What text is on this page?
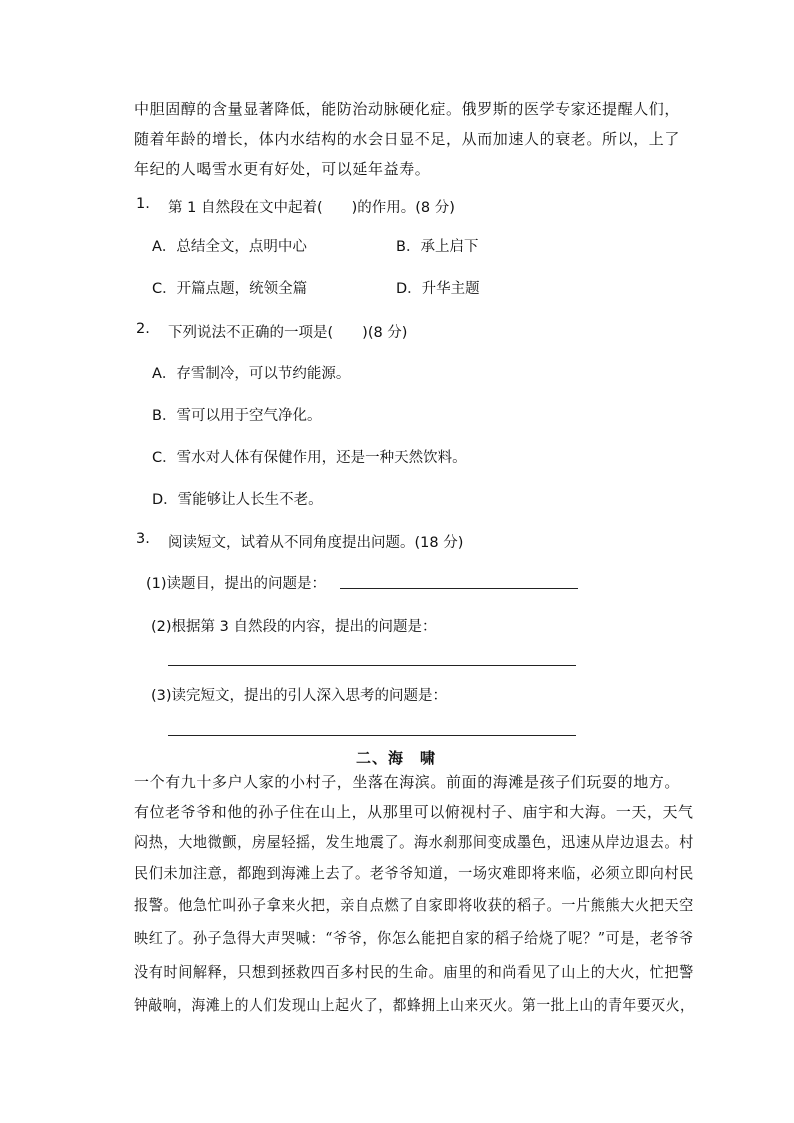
中胆固醇的含量显著降低，能防治动脉硬化症。俄罗斯的医学专家还提醒人们，
随着年龄的增长，体内水结构的水会日显不足，从而加速人的衰老。所以，上了
年纪的人喝雪水更有好处，可以延年益寿。
1. 第 1 自然段在文中起着(　　)的作用。(8 分)
A．总结全文，点明中心	B．承上启下
C．开篇点题，统领全篇	D．升华主题
2. 下列说法不正确的一项是(　　)(8 分)
A．存雪制冷，可以节约能源。
B．雪可以用于空气净化。
C．雪水对人体有保健作用，还是一种天然饮料。
D．雪能够让人长生不老。
3. 阅读短文，试着从不同角度提出问题。(18 分)
(1)读题目，提出的问题是：
(2)根据第 3 自然段的内容，提出的问题是：
(3)读完短文，提出的引人深入思考的问题是：
二、海　啸
一个有九十多户人家的小村子，坐落在海滨。前面的海滩是孩子们玩耍的地方。
有位老爷爷和他的孙子住在山上，从那里可以俯视村子、庙宇和大海。一天，天气
闷热，大地微颤，房屋轻摇，发生地震了。海水刹那间变成墨色，迅速从岸边退去。村
民们未加注意，都跑到海滩上去了。老爷爷知道，一场灾难即将来临，必须立即向村民
报警。他急忙叫孙子拿来火把，亲自点燃了自家即将收获的稻子。一片熊熊大火把天空
映红了。孙子急得大声哭喊：“爷爷，你怎么能把自家的稻子给烧了呢？”可是，老爷爷
没有时间解释，只想到拯救四百多村民的生命。庙里的和尚看见了山上的大火，忙把警
钟敲响，海滩上的人们发现山上起火了，都蜂拥上山来灭火。第一批上山的青年要灭火，
